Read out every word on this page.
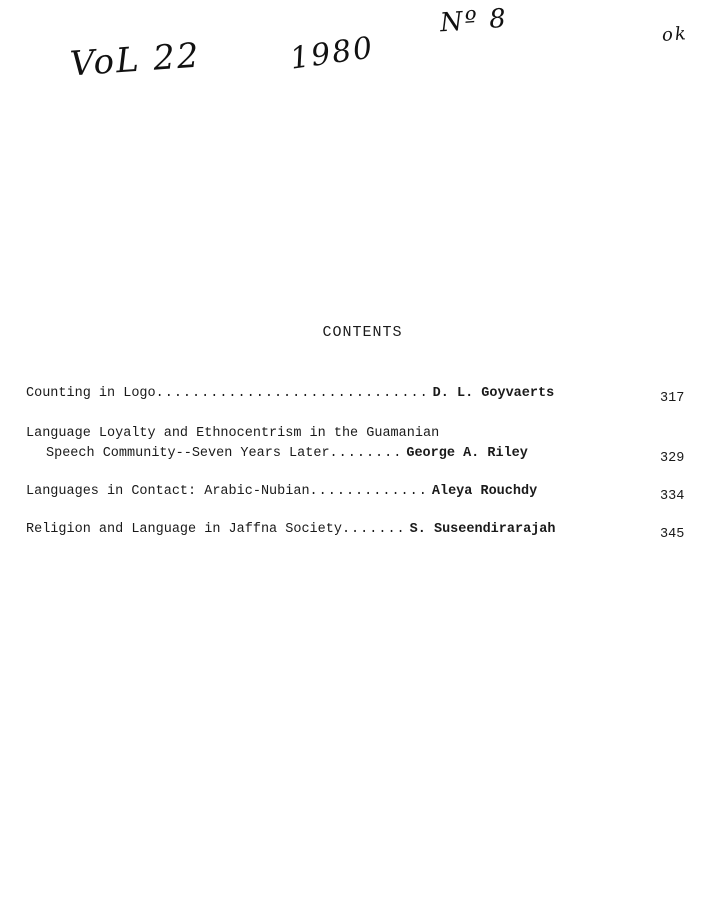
VoL 22	1980
Nº 8	ok
CONTENTS
Counting in Logo .............................. D. L. Goyvaerts	317
Language Loyalty and Ethnocentrism in the Guamanian
Speech Community--Seven Years Later ........ George A. Riley	329
Languages in Contact: Arabic-Nubian ............. Aleya Rouchdy	334
Religion and Language in Jaffna Society ....... S. Suseendirarajah	345
